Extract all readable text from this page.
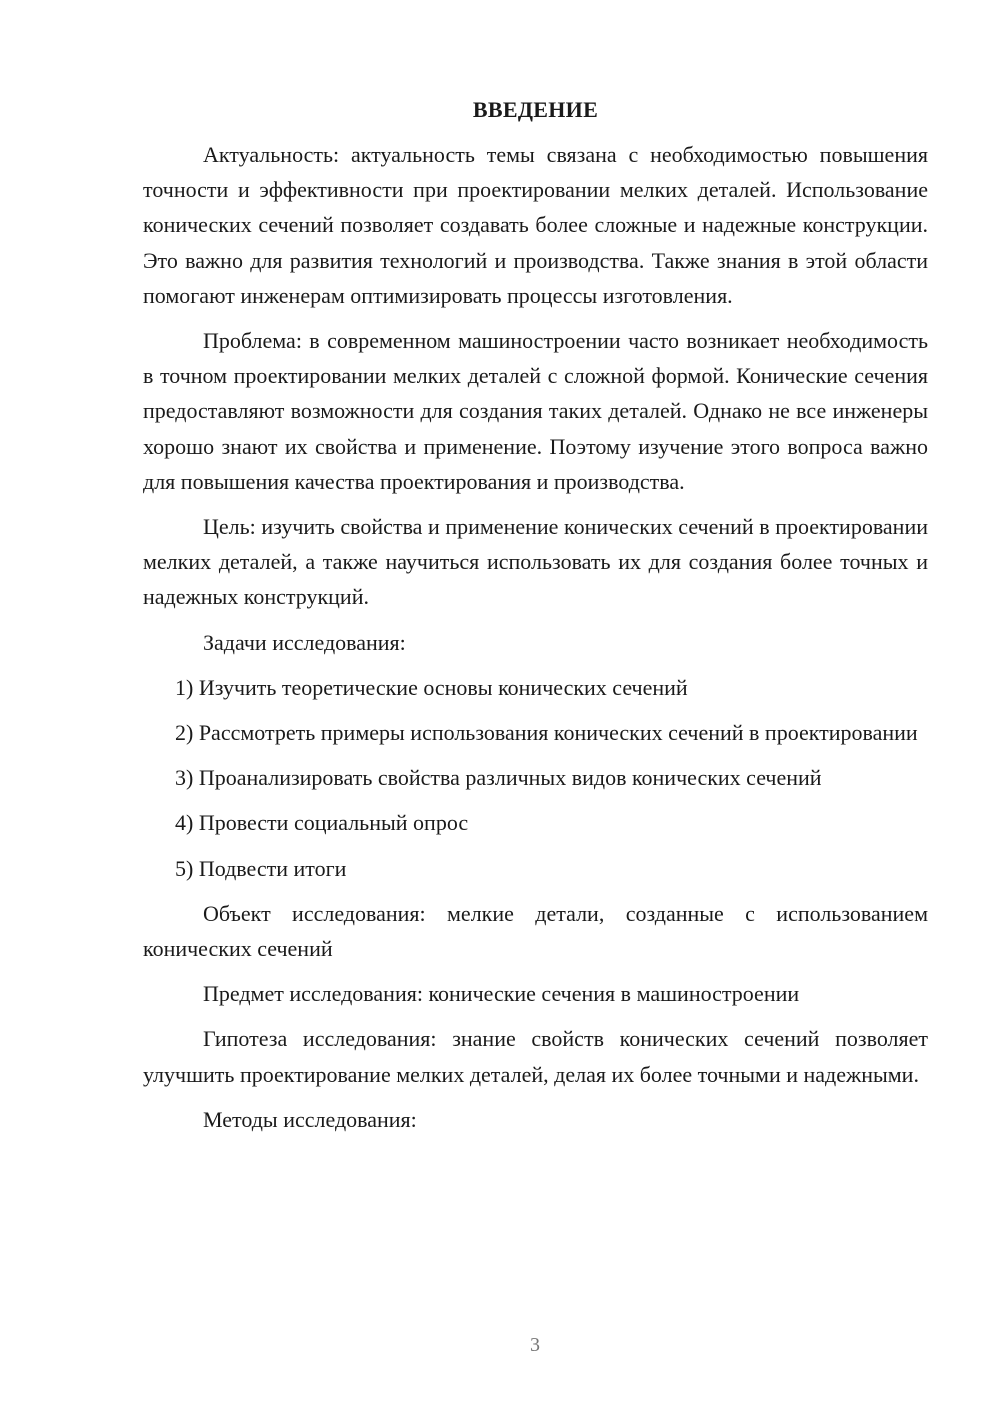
ВВЕДЕНИЕ

Актуальность: актуальность темы связана с необходимостью повышения точности и эффективности при проектировании мелких деталей. Использование конических сечений позволяет создавать более сложные и надежные конструкции. Это важно для развития технологий и производства. Также знания в этой области помогают инженерам оптимизировать процессы изготовления.

Проблема: в современном машиностроении часто возникает необходимость в точном проектировании мелких деталей с сложной формой. Конические сечения предоставляют возможности для создания таких деталей. Однако не все инженеры хорошо знают их свойства и применение. Поэтому изучение этого вопроса важно для повышения качества проектирования и производства.

Цель: изучить свойства и применение конических сечений в проектировании мелких деталей, а также научиться использовать их для создания более точных и надежных конструкций.

Задачи исследования:

1) Изучить теоретические основы конических сечений

2) Рассмотреть примеры использования конических сечений в проектировании

3) Проанализировать свойства различных видов конических сечений

4) Провести социальный опрос

5) Подвести итоги

Объект исследования: мелкие детали, созданные с использованием конических сечений

Предмет исследования: конические сечения в машиностроении

Гипотеза исследования: знание свойств конических сечений позволяет улучшить проектирование мелких деталей, делая их более точными и надежными.

Методы исследования:

3
